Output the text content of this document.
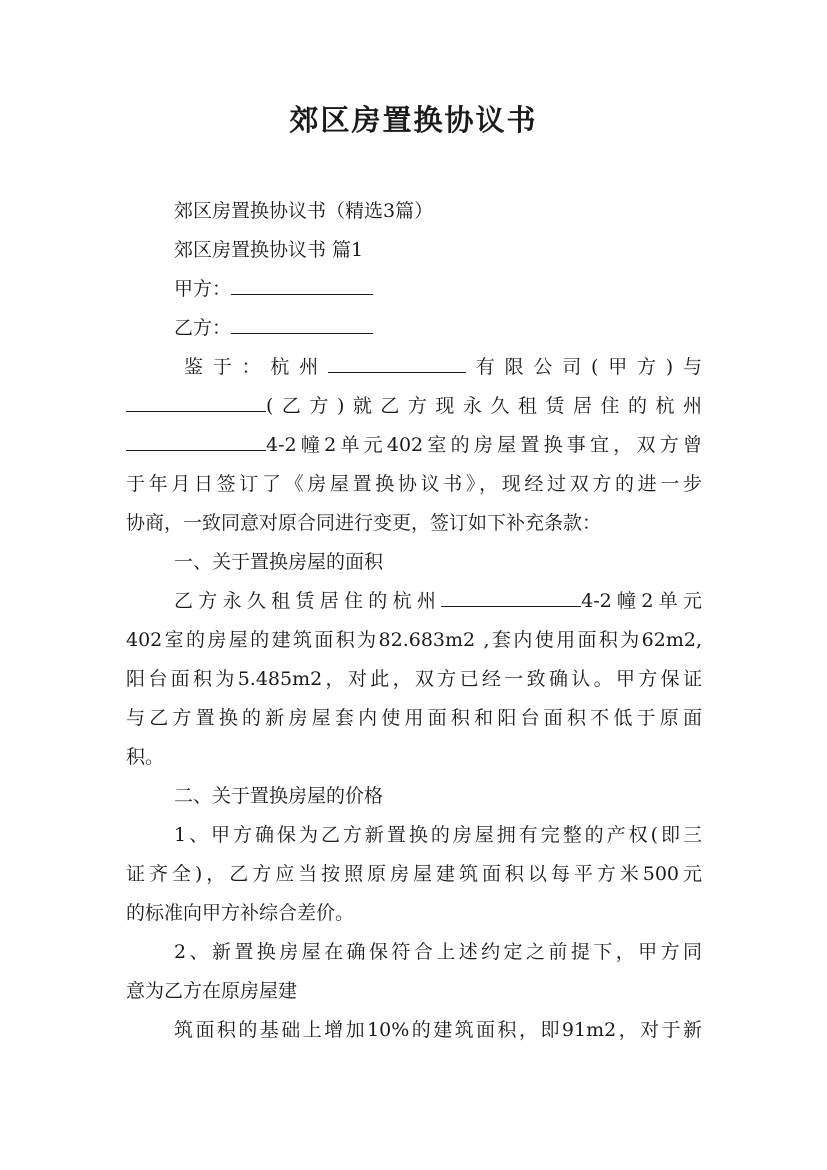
郊区房置换协议书
郊区房置换协议书（精选3篇）
郊区房置换协议书 篇1
甲方：
乙方：
鉴于：杭州	有限公司(甲方)与
(乙方)就乙方现永久租赁居住的杭州
4-2幢2单元402室的房屋置换事宜，双方曾
于年月日签订了《房屋置换协议书》，现经过双方的进一步
协商，一致同意对原合同进行变更，签订如下补充条款：
一、关于置换房屋的面积
乙方永久租赁居住的杭州	4-2幢2单元
402室的房屋的建筑面积为82.683m2 ,套内使用面积为62m2,
阳台面积为5.485m2，对此，双方已经一致确认。甲方保证
与乙方置换的新房屋套内使用面积和阳台面积不低于原面
积。
二、关于置换房屋的价格
1、甲方确保为乙方新置换的房屋拥有完整的产权(即三
证齐全)，乙方应当按照原房屋建筑面积以每平方米500元
的标准向甲方补综合差价。
2、新置换房屋在确保符合上述约定之前提下，甲方同
意为乙方在原房屋建
筑面积的基础上增加10%的建筑面积，即91m2，对于新
